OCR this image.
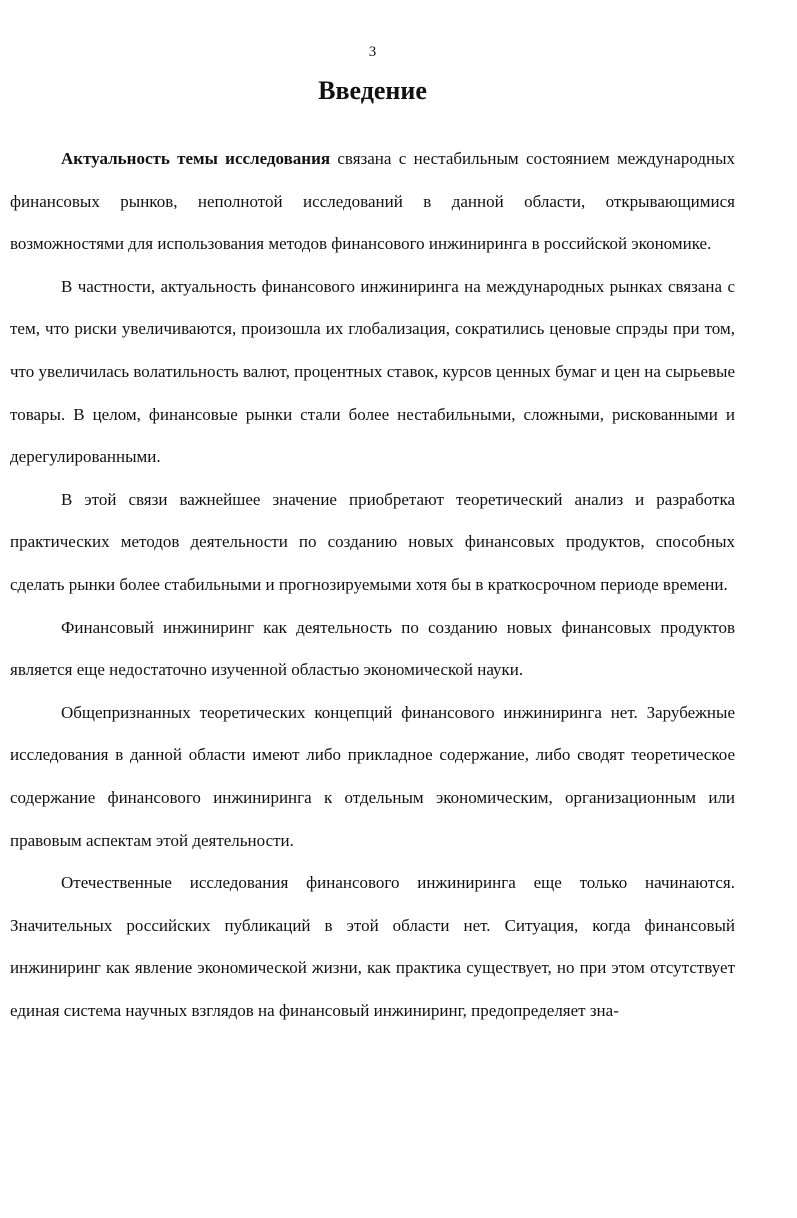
3
Введение

Актуальность темы исследования связана с нестабильным состоянием международных финансовых рынков, неполнотой исследований в данной области, открывающимися возможностями для использования методов финансового инжиниринга в российской экономике.

В частности, актуальность финансового инжиниринга на международных рынках связана с тем, что риски увеличиваются, произошла их глобализация, сократились ценовые спрэды при том, что увеличилась волатильность валют, процентных ставок, курсов ценных бумаг и цен на сырьевые товары. В целом, финансовые рынки стали более нестабильными, сложными, рискованными и дерегулированными.

В этой связи важнейшее значение приобретают теоретический анализ и разработка практических методов деятельности по созданию новых финансовых продуктов, способных сделать рынки более стабильными и прогнозируемыми хотя бы в краткосрочном периоде времени.

Финансовый инжиниринг как деятельность по созданию новых финансовых продуктов является еще недостаточно изученной областью экономической науки.

Общепризнанных теоретических концепций финансового инжиниринга нет. Зарубежные исследования в данной области имеют либо прикладное содержание, либо сводят теоретическое содержание финансового инжиниринга к отдельным экономическим, организационным или правовым аспектам этой деятельности.

Отечественные исследования финансового инжиниринга еще только начинаются. Значительных российских публикаций в этой области нет. Ситуация, когда финансовый инжиниринг как явление экономической жизни, как практика существует, но при этом отсутствует единая система научных взглядов на финансовый инжиниринг, предопределяет зна-
